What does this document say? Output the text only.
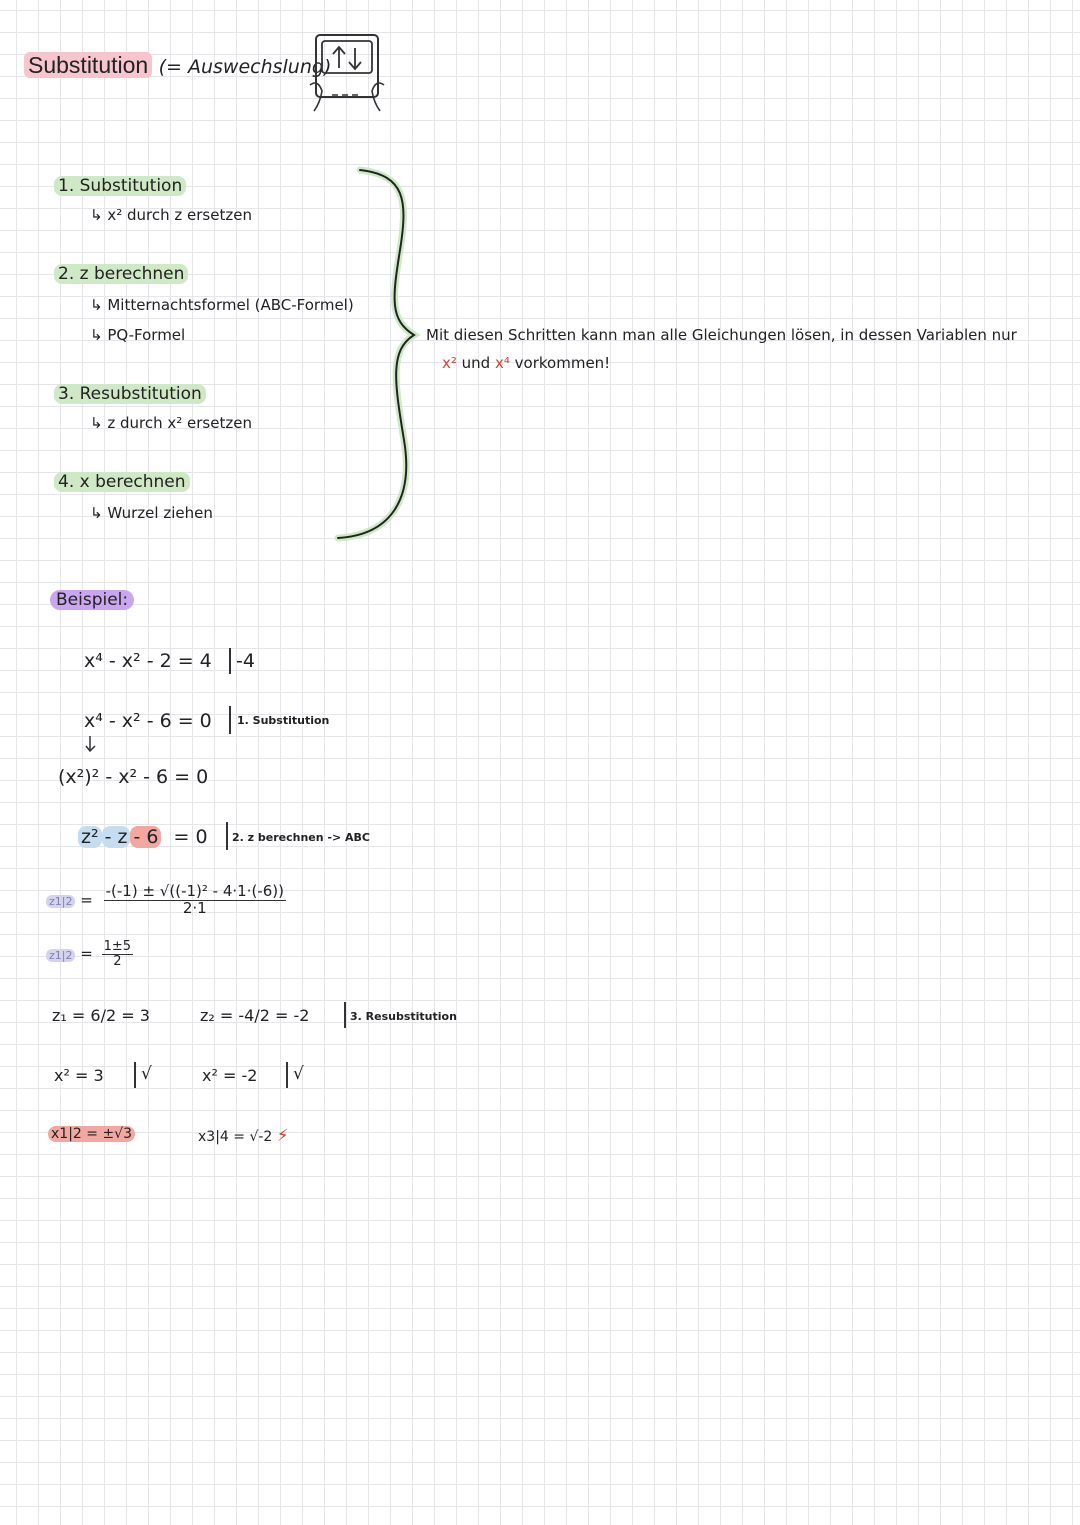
Substitution (= Auswechslung)
1. Substitution
↳ x² durch z ersetzen
2. z berechnen
↳ Mitternachtsformel (ABC-Formel)
↳ PQ-Formel
3. Resubstitution
↳ z durch x² ersetzen
4. x berechnen
↳ Wurzel ziehen
Mit diesen Schritten kann man alle Gleichungen lösen, in dessen Variablen nur
x² und x⁴ vorkommen!
Beispiel:
x⁴ - x² - 2 = 4 -4
x⁴ - x² - 6 = 0 1. Substitution
(x²)² - x² - 6 = 0
z² - z - 6 = 0 2. z berechnen -> ABC
$z1|2 = \frac{\text{-(-1) ± √((-1)² - 4·1·(-6))}}{2\cdot 1}$
$z1|2 = \frac{1\pm 5}{2}$
z₁ = 6/2 = 3	z₂ = -4/2 = -2	3. Resubstitution
x² = 3 √	x² = -2 √
x1|2 = ±√3	x3|4 = √-2 ⚡
